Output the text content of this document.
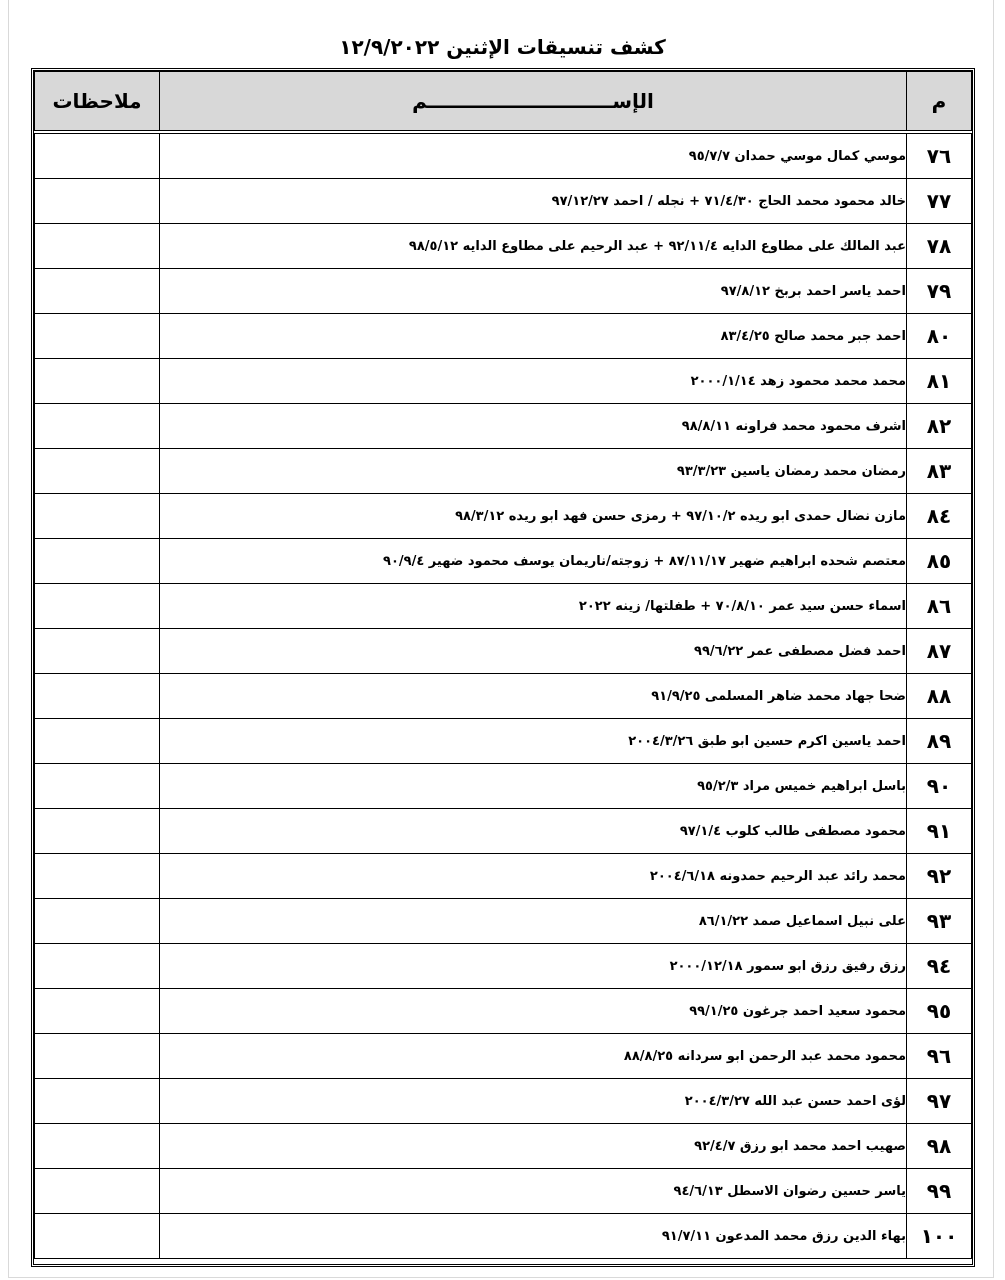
كشف تنسيقات الإثنين ١٢/٩/٢٠٢٢
م	الإســـــــــــــــــــــــــــم	ملاحظات
٧٦	موسي كمال موسي حمدان ٩٥/٧/٧	
٧٧	خالد محمود محمد الحاج ٧١/٤/٣٠ + نجله / احمد ٩٧/١٢/٢٧	
٧٨	عبد المالك على مطاوع الدايه ٩٢/١١/٤ + عبد الرحيم على مطاوع الدايه ٩٨/٥/١٢	
٧٩	احمد ياسر احمد بربخ ٩٧/٨/١٢	
٨٠	احمد جبر محمد صالح ٨٣/٤/٢٥	
٨١	محمد محمد محمود زهد ٢٠٠٠/١/١٤	
٨٢	اشرف محمود محمد فراونه ٩٨/٨/١١	
٨٣	رمضان محمد رمضان ياسين ٩٣/٣/٢٣	
٨٤	مازن نضال حمدى ابو ريده ٩٧/١٠/٢ + رمزى حسن فهد ابو ريده ٩٨/٣/١٢	
٨٥	معتصم شحده ابراهيم ضهير ٨٧/١١/١٧ + زوجته/ناريمان يوسف محمود ضهير ٩٠/٩/٤	
٨٦	اسماء حسن سيد عمر ٧٠/٨/١٠ + طفلتها/ زينه ٢٠٢٢	
٨٧	احمد فضل مصطفى عمر ٩٩/٦/٢٢	
٨٨	ضحا جهاد محمد ضاهر المسلمى ٩١/٩/٢٥	
٨٩	احمد ياسين اكرم حسين ابو طبق ٢٠٠٤/٣/٢٦	
٩٠	باسل ابراهيم خميس مراد ٩٥/٢/٣	
٩١	محمود مصطفى طالب كلوب ٩٧/١/٤	
٩٢	محمد رائد عبد الرحيم حمدونه ٢٠٠٤/٦/١٨	
٩٣	على نبيل اسماعيل صمد ٨٦/١/٢٢	
٩٤	رزق رفيق رزق ابو سمور ٢٠٠٠/١٢/١٨	
٩٥	محمود سعيد احمد جرغون ٩٩/١/٢٥	
٩٦	محمود محمد عبد الرحمن ابو سردانه ٨٨/٨/٢٥	
٩٧	لؤى احمد حسن عبد الله ٢٠٠٤/٣/٢٧	
٩٨	صهيب احمد محمد ابو رزق ٩٢/٤/٧	
٩٩	ياسر حسين رضوان الاسطل ٩٤/٦/١٣	
١٠٠	بهاء الدين رزق محمد المدعون ٩١/٧/١١	
